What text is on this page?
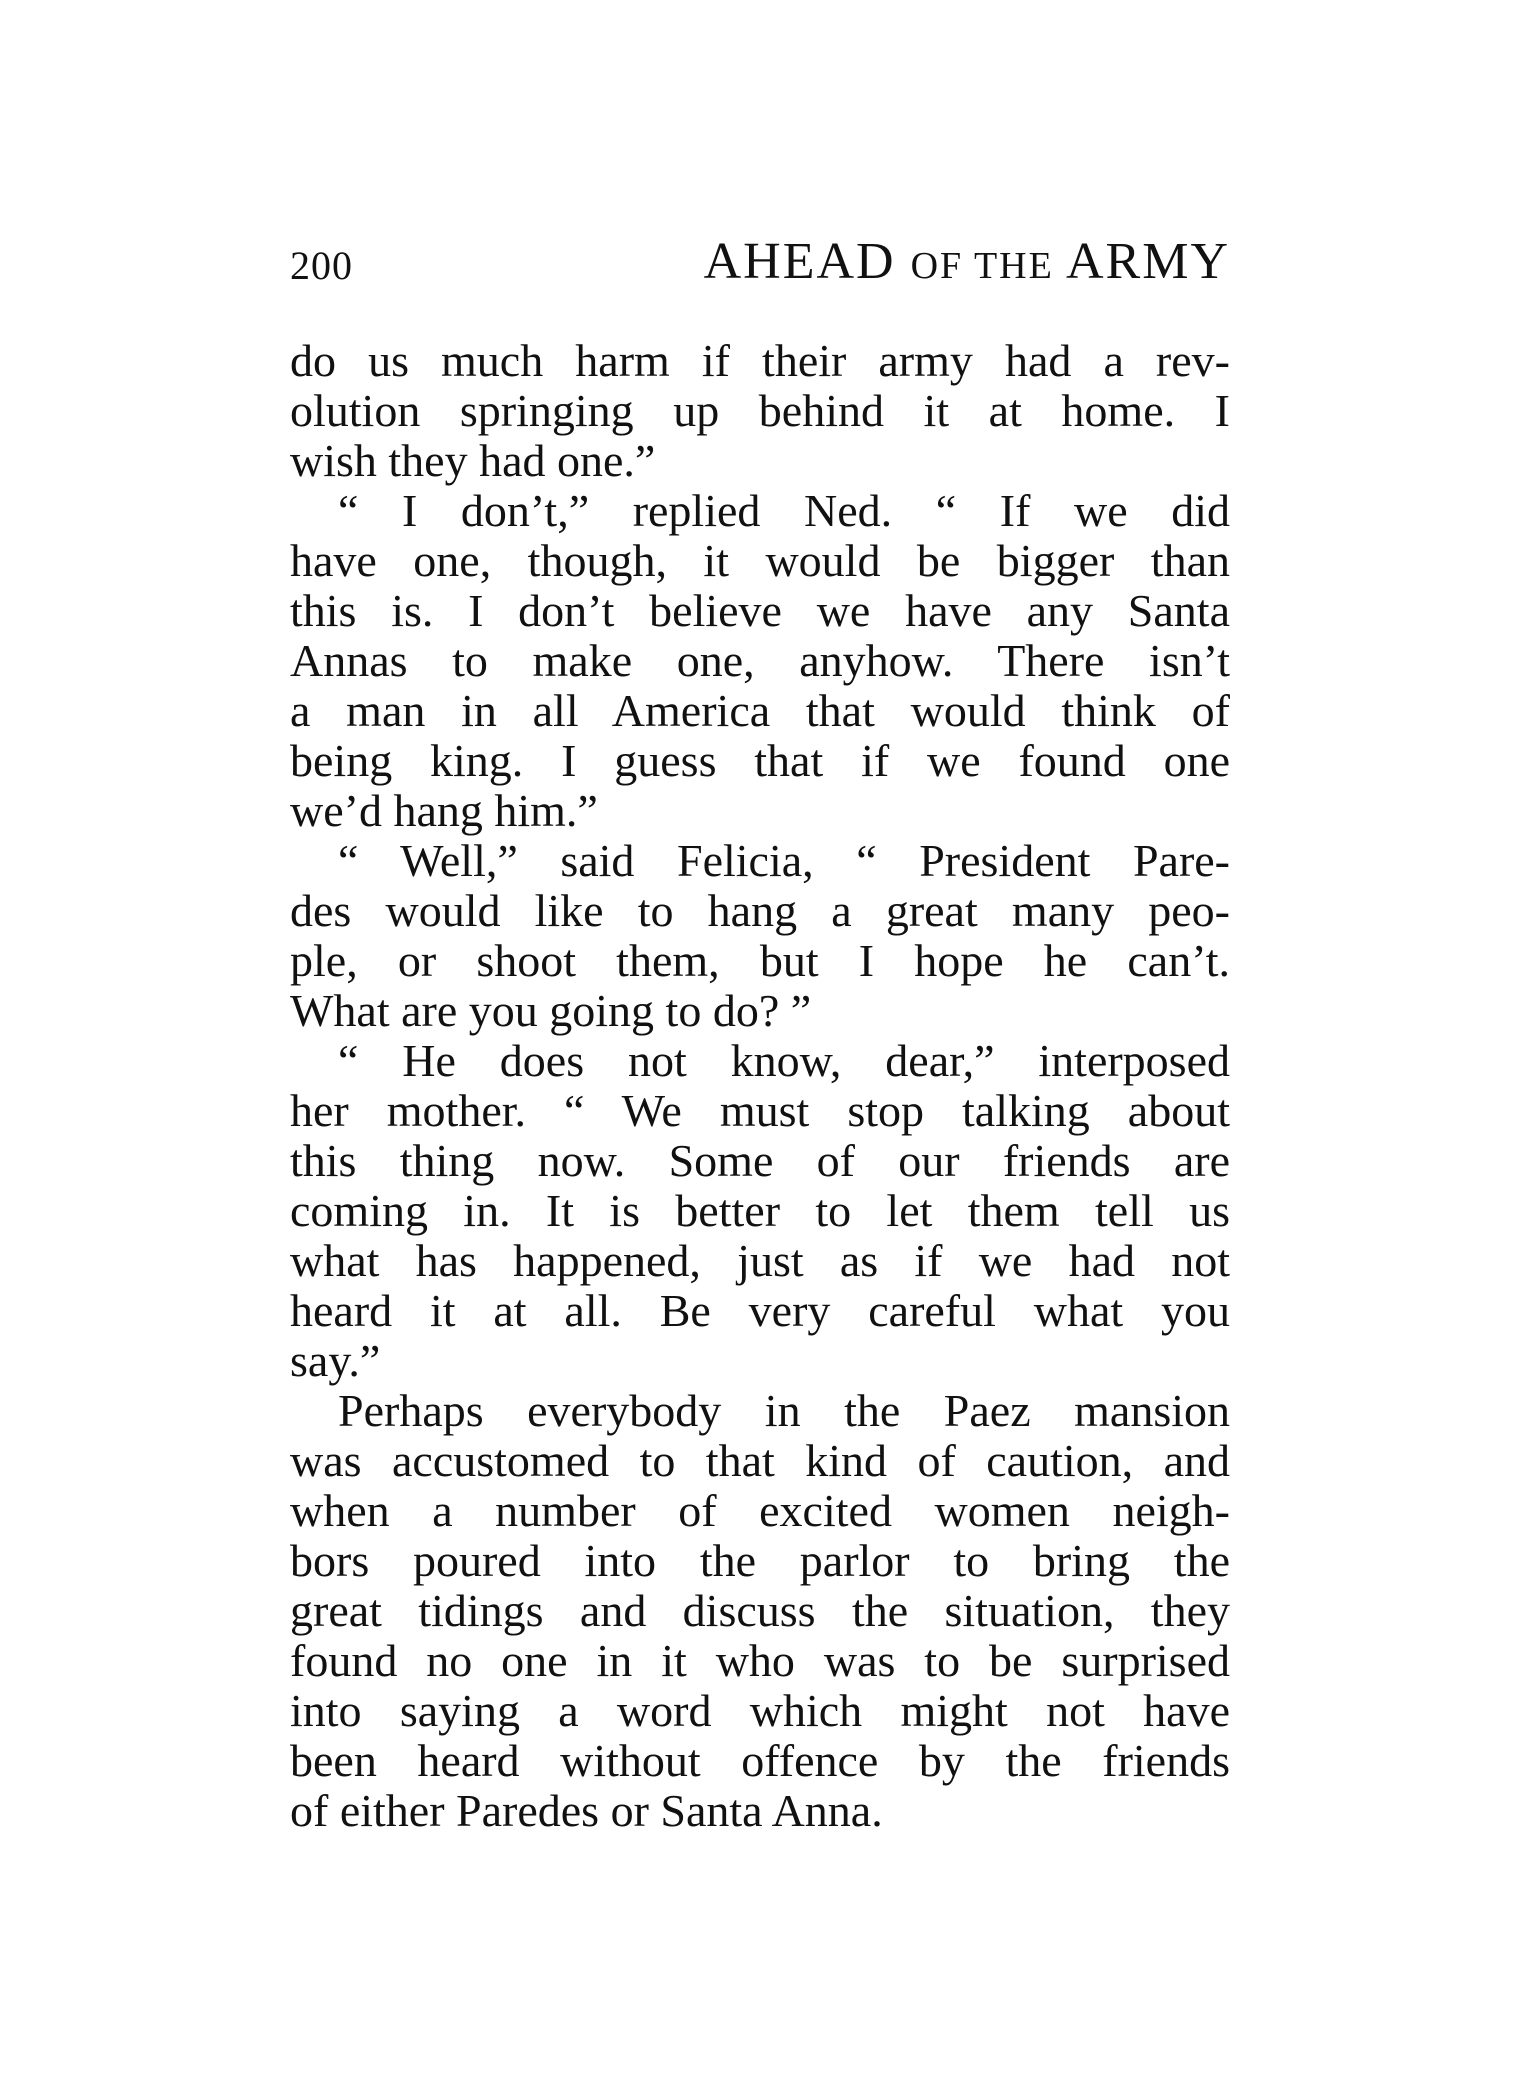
200	AHEAD OF THE ARMY
do us much harm if their army had a rev-
olution springing up behind it at home. I
wish they had one.”
“ I don’t,” replied Ned. “ If we did
have one, though, it would be bigger than
this is. I don’t believe we have any Santa
Annas to make one, anyhow. There isn’t
a man in all America that would think of
being king. I guess that if we found one
we’d hang him.”
“ Well,” said Felicia, “ President Pare-
des would like to hang a great many peo-
ple, or shoot them, but I hope he can’t.
What are you going to do? ”
“ He does not know, dear,” interposed
her mother. “ We must stop talking about
this thing now. Some of our friends are
coming in. It is better to let them tell us
what has happened, just as if we had not
heard it at all. Be very careful what you
say.”
Perhaps everybody in the Paez mansion
was accustomed to that kind of caution, and
when a number of excited women neigh-
bors poured into the parlor to bring the
great tidings and discuss the situation, they
found no one in it who was to be surprised
into saying a word which might not have
been heard without offence by the friends
of either Paredes or Santa Anna.
